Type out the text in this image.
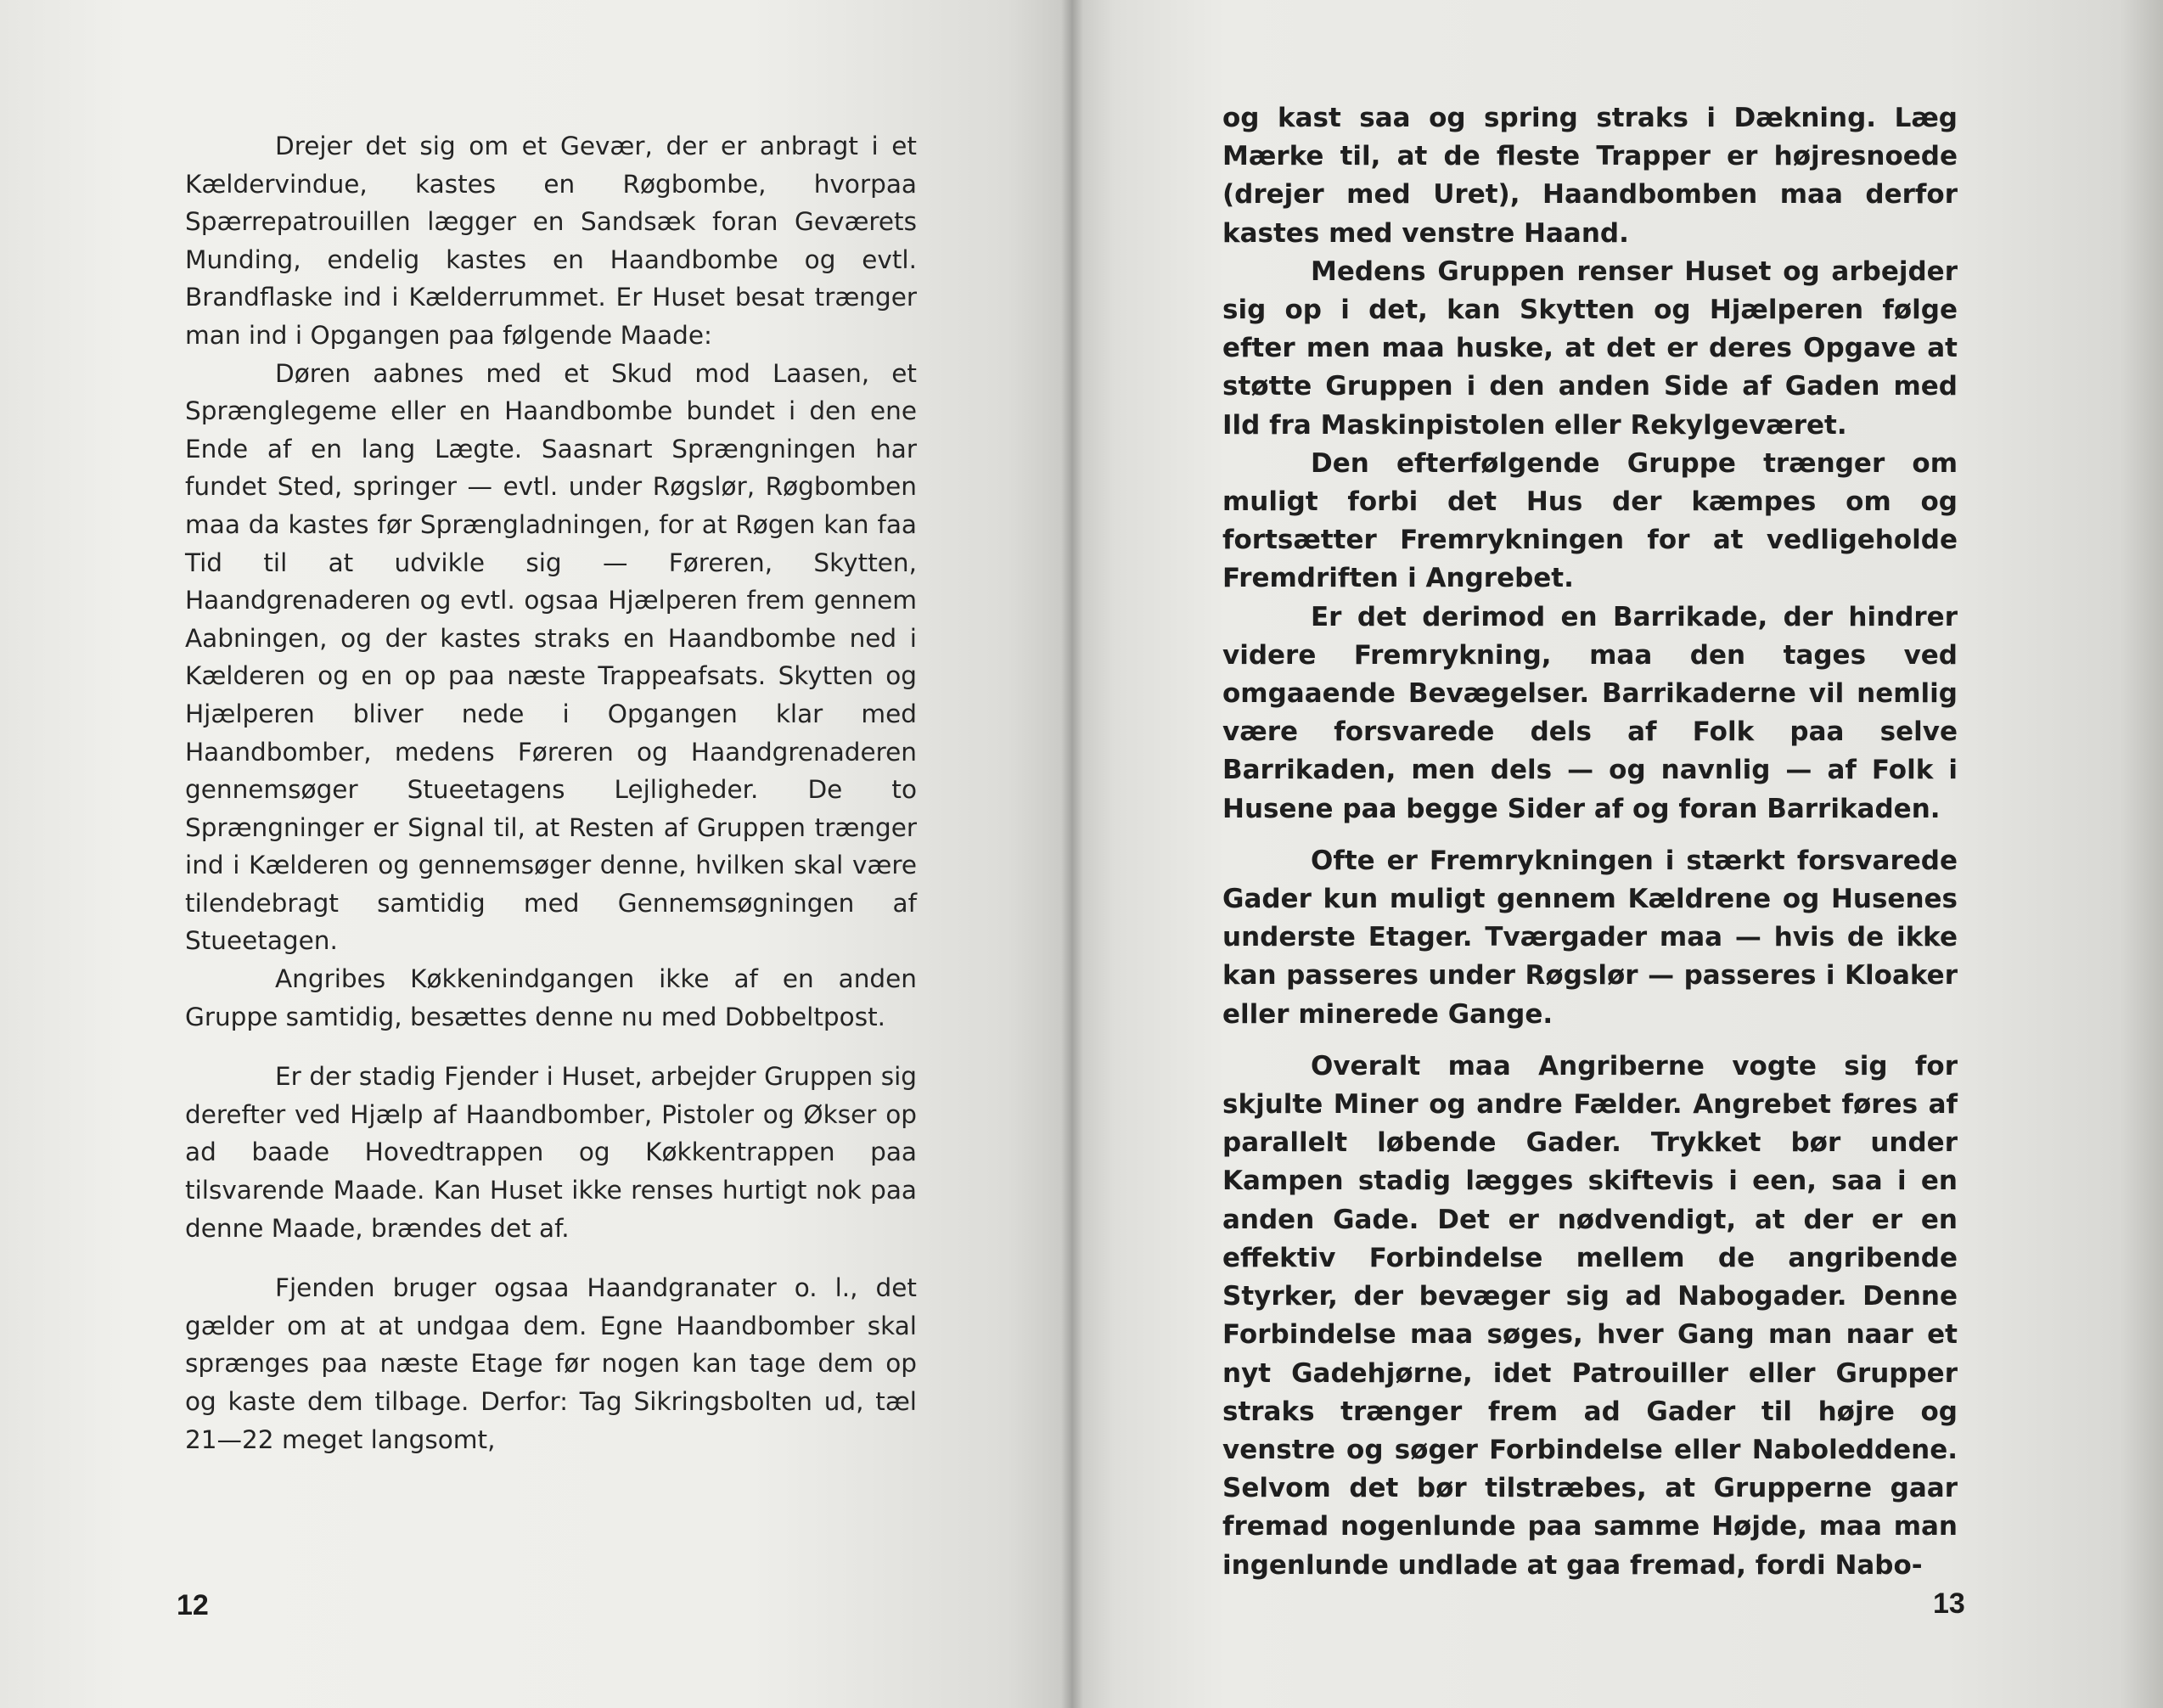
Drejer det sig om et Gevær, der er anbragt i et Kældervindue, kastes en Røgbombe, hvorpaa Spærrepatrouillen lægger en Sandsæk foran Geværets Munding, endelig kastes en Haandbombe og evtl. Brandflaske ind i Kælderrummet. Er Huset besat trænger man ind i Opgangen paa følgende Maade:

Døren aabnes med et Skud mod Laasen, et Sprænglegeme eller en Haandbombe bundet i den ene Ende af en lang Lægte. Saasnart Sprængningen har fundet Sted, springer — evtl. under Røgslør, Røgbomben maa da kastes før Sprængladningen, for at Røgen kan faa Tid til at udvikle sig — Føreren, Skytten, Haandgrenaderen og evtl. ogsaa Hjælperen frem gennem Aabningen, og der kastes straks en Haandbombe ned i Kælderen og en op paa næste Trappeafsats. Skytten og Hjælperen bliver nede i Opgangen klar med Haandbomber, medens Føreren og Haandgrenaderen gennemsøger Stueetagens Lejligheder. De to Sprængninger er Signal til, at Resten af Gruppen trænger ind i Kælderen og gennemsøger denne, hvilken skal være tilendebragt samtidig med Gennemsøgningen af Stueetagen.

Angribes Køkkenindgangen ikke af en anden Gruppe samtidig, besættes denne nu med Dobbeltpost.

Er der stadig Fjender i Huset, arbejder Gruppen sig derefter ved Hjælp af Haandbomber, Pistoler og Økser op ad baade Hovedtrappen og Køkkentrappen paa tilsvarende Maade. Kan Huset ikke renses hurtigt nok paa denne Maade, brændes det af.

Fjenden bruger ogsaa Haandgranater o. l., det gælder om at at undgaa dem. Egne Haandbomber skal sprænges paa næste Etage før nogen kan tage dem op og kaste dem tilbage. Derfor: Tag Sikringsbolten ud, tæl 21—22 meget langsomt,

12

og kast saa og spring straks i Dækning. Læg Mærke til, at de fleste Trapper er højresnoede (drejer med Uret), Haandbomben maa derfor kastes med venstre Haand.

Medens Gruppen renser Huset og arbejder sig op i det, kan Skytten og Hjælperen følge efter men maa huske, at det er deres Opgave at støtte Gruppen i den anden Side af Gaden med Ild fra Maskinpistolen eller Rekylgeværet.

Den efterfølgende Gruppe trænger om muligt forbi det Hus der kæmpes om og fortsætter Fremrykningen for at vedligeholde Fremdriften i Angrebet.

Er det derimod en Barrikade, der hindrer videre Fremrykning, maa den tages ved omgaaende Bevægelser. Barrikaderne vil nemlig være forsvarede dels af Folk paa selve Barrikaden, men dels — og navnlig — af Folk i Husene paa begge Sider af og foran Barrikaden.

Ofte er Fremrykningen i stærkt forsvarede Gader kun muligt gennem Kældrene og Husenes underste Etager. Tværgader maa — hvis de ikke kan passeres under Røgslør — passeres i Kloaker eller minerede Gange.

Overalt maa Angriberne vogte sig for skjulte Miner og andre Fælder. Angrebet føres af parallelt løbende Gader. Trykket bør under Kampen stadig lægges skiftevis i een, saa i en anden Gade. Det er nødvendigt, at der er en effektiv Forbindelse mellem de angribende Styrker, der bevæger sig ad Nabogader. Denne Forbindelse maa søges, hver Gang man naar et nyt Gadehjørne, idet Patrouiller eller Grupper straks trænger frem ad Gader til højre og venstre og søger Forbindelse eller Naboleddene. Selvom det bør tilstræbes, at Grupperne gaar fremad nogenlunde paa samme Højde, maa man ingenlunde undlade at gaa fremad, fordi Nabo-

13
